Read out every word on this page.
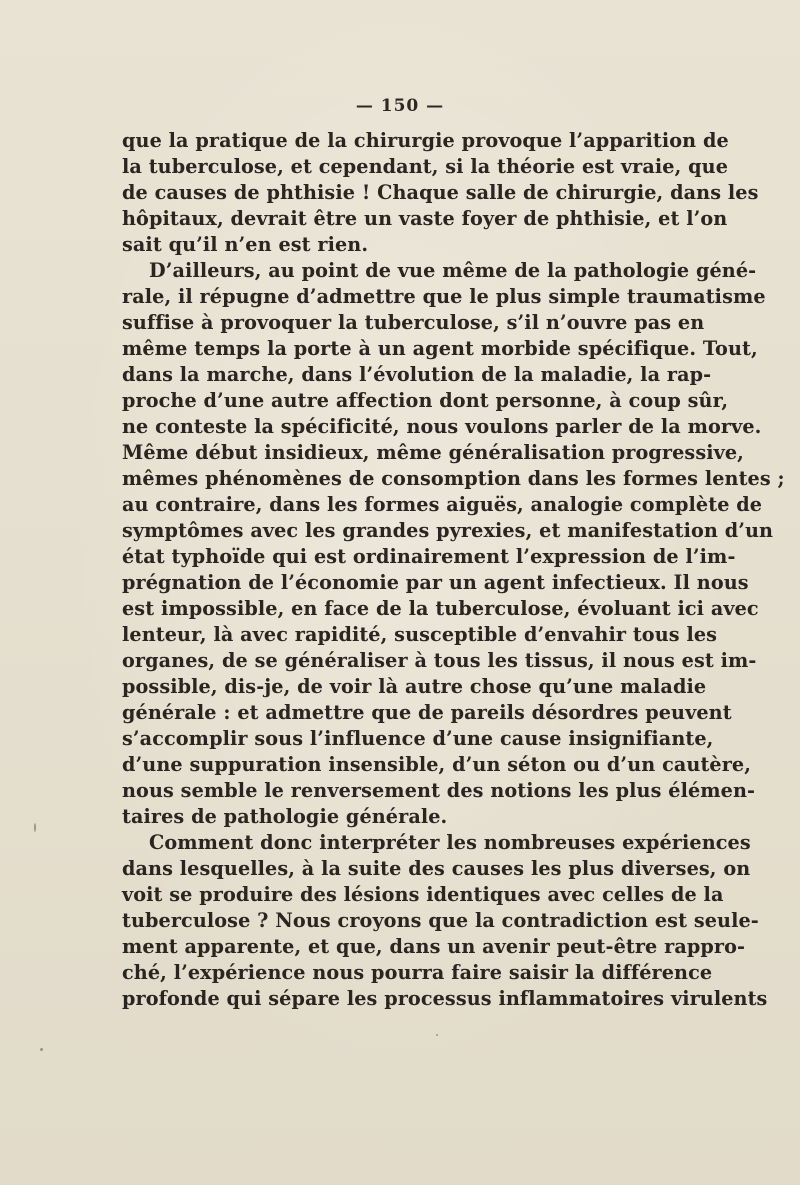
— 150 —
que la pratique de la chirurgie provoque l’apparition de
la tuberculose, et cependant, si la théorie est vraie, que
de causes de phthisie ! Chaque salle de chirurgie, dans les
hôpitaux, devrait être un vaste foyer de phthisie, et l’on
sait qu’il n’en est rien.
D’ailleurs, au point de vue même de la pathologie géné-
rale, il répugne d’admettre que le plus simple traumatisme
suffise à provoquer la tuberculose, s’il n’ouvre pas en
même temps la porte à un agent morbide spécifique. Tout,
dans la marche, dans l’évolution de la maladie, la rap-
proche d’une autre affection dont personne, à coup sûr,
ne conteste la spécificité, nous voulons parler de la morve.
Même début insidieux, même généralisation progressive,
mêmes phénomènes de consomption dans les formes lentes ;
au contraire, dans les formes aiguës, analogie complète de
symptômes avec les grandes pyrexies, et manifestation d’un
état typhoïde qui est ordinairement l’expression de l’im-
prégnation de l’économie par un agent infectieux. Il nous
est impossible, en face de la tuberculose, évoluant ici avec
lenteur, là avec rapidité, susceptible d’envahir tous les
organes, de se généraliser à tous les tissus, il nous est im-
possible, dis-je, de voir là autre chose qu’une maladie
générale : et admettre que de pareils désordres peuvent
s’accomplir sous l’influence d’une cause insignifiante,
d’une suppuration insensible, d’un séton ou d’un cautère,
nous semble le renversement des notions les plus élémen-
taires de pathologie générale.
Comment donc interpréter les nombreuses expériences
dans lesquelles, à la suite des causes les plus diverses, on
voit se produire des lésions identiques avec celles de la
tuberculose ? Nous croyons que la contradiction est seule-
ment apparente, et que, dans un avenir peut-être rappro-
ché, l’expérience nous pourra faire saisir la différence
profonde qui sépare les processus inflammatoires virulents
